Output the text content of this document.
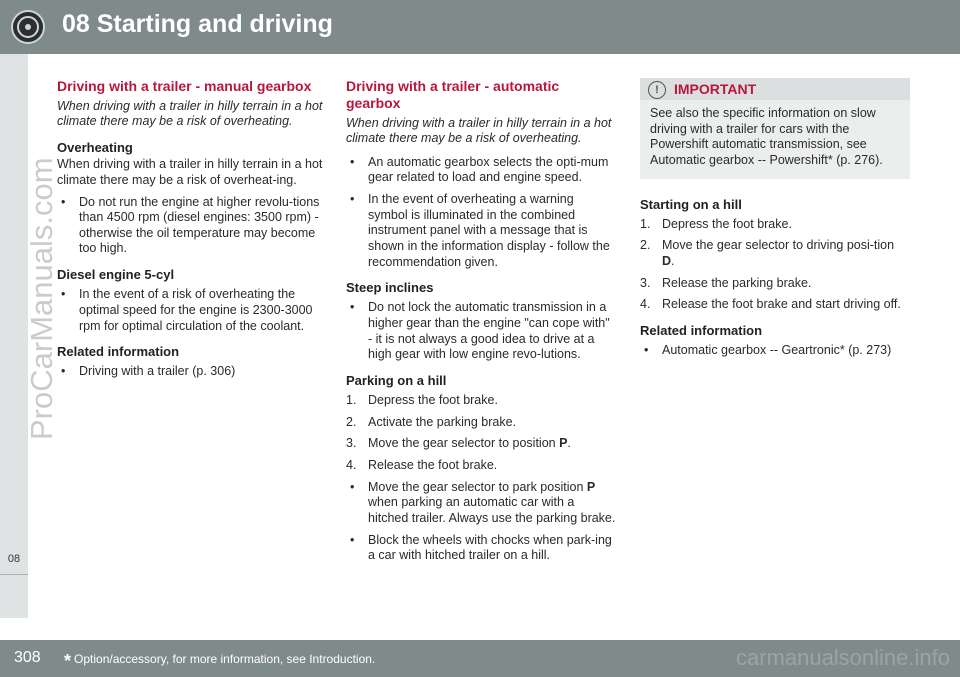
08 Starting and driving
08
ProCarManuals.com
Driving with a trailer - manual gearbox

When driving with a trailer in hilly terrain in a hot climate there may be a risk of overheating.

Overheating

When driving with a trailer in hilly terrain in a hot climate there may be a risk of overheat-ing.

• Do not run the engine at higher revolu-tions than 4500 rpm (diesel engines: 3500 rpm) - otherwise the oil temperature may become too high.
Diesel engine 5-cyl
• In the event of a risk of overheating the optimal speed for the engine is 2300-3000 rpm for optimal circulation of the coolant.
Related information
• Driving with a trailer (p. 306)
Driving with a trailer - automatic gearbox

When driving with a trailer in hilly terrain in a hot climate there may be a risk of overheating.

• An automatic gearbox selects the opti-mum gear related to load and engine speed.
• In the event of overheating a warning symbol is illuminated in the combined instrument panel with a message that is shown in the information display - follow the recommendation given.
Steep inclines
• Do not lock the automatic transmission in a higher gear than the engine "can cope with" - it is not always a good idea to drive at a high gear with low engine revo-lutions.
Parking on a hill
1. Depress the foot brake.
2. Activate the parking brake.
3. Move the gear selector to position P.
4. Release the foot brake.
• Move the gear selector to park position P when parking an automatic car with a hitched trailer. Always use the parking brake.
• Block the wheels with chocks when park-ing a car with hitched trailer on a hill.
!	IMPORTANT
See also the specific information on slow driving with a trailer for cars with the Powershift automatic transmission, see Automatic gearbox -- Powershift* (p. 276).
Starting on a hill
1. Depress the foot brake.
2. Move the gear selector to driving posi-tion D.
3. Release the parking brake.
4. Release the foot brake and start driving off.
Related information
• Automatic gearbox -- Geartronic* (p. 273)
308 * Option/accessory, for more information, see Introduction.	carmanualsonline.info
